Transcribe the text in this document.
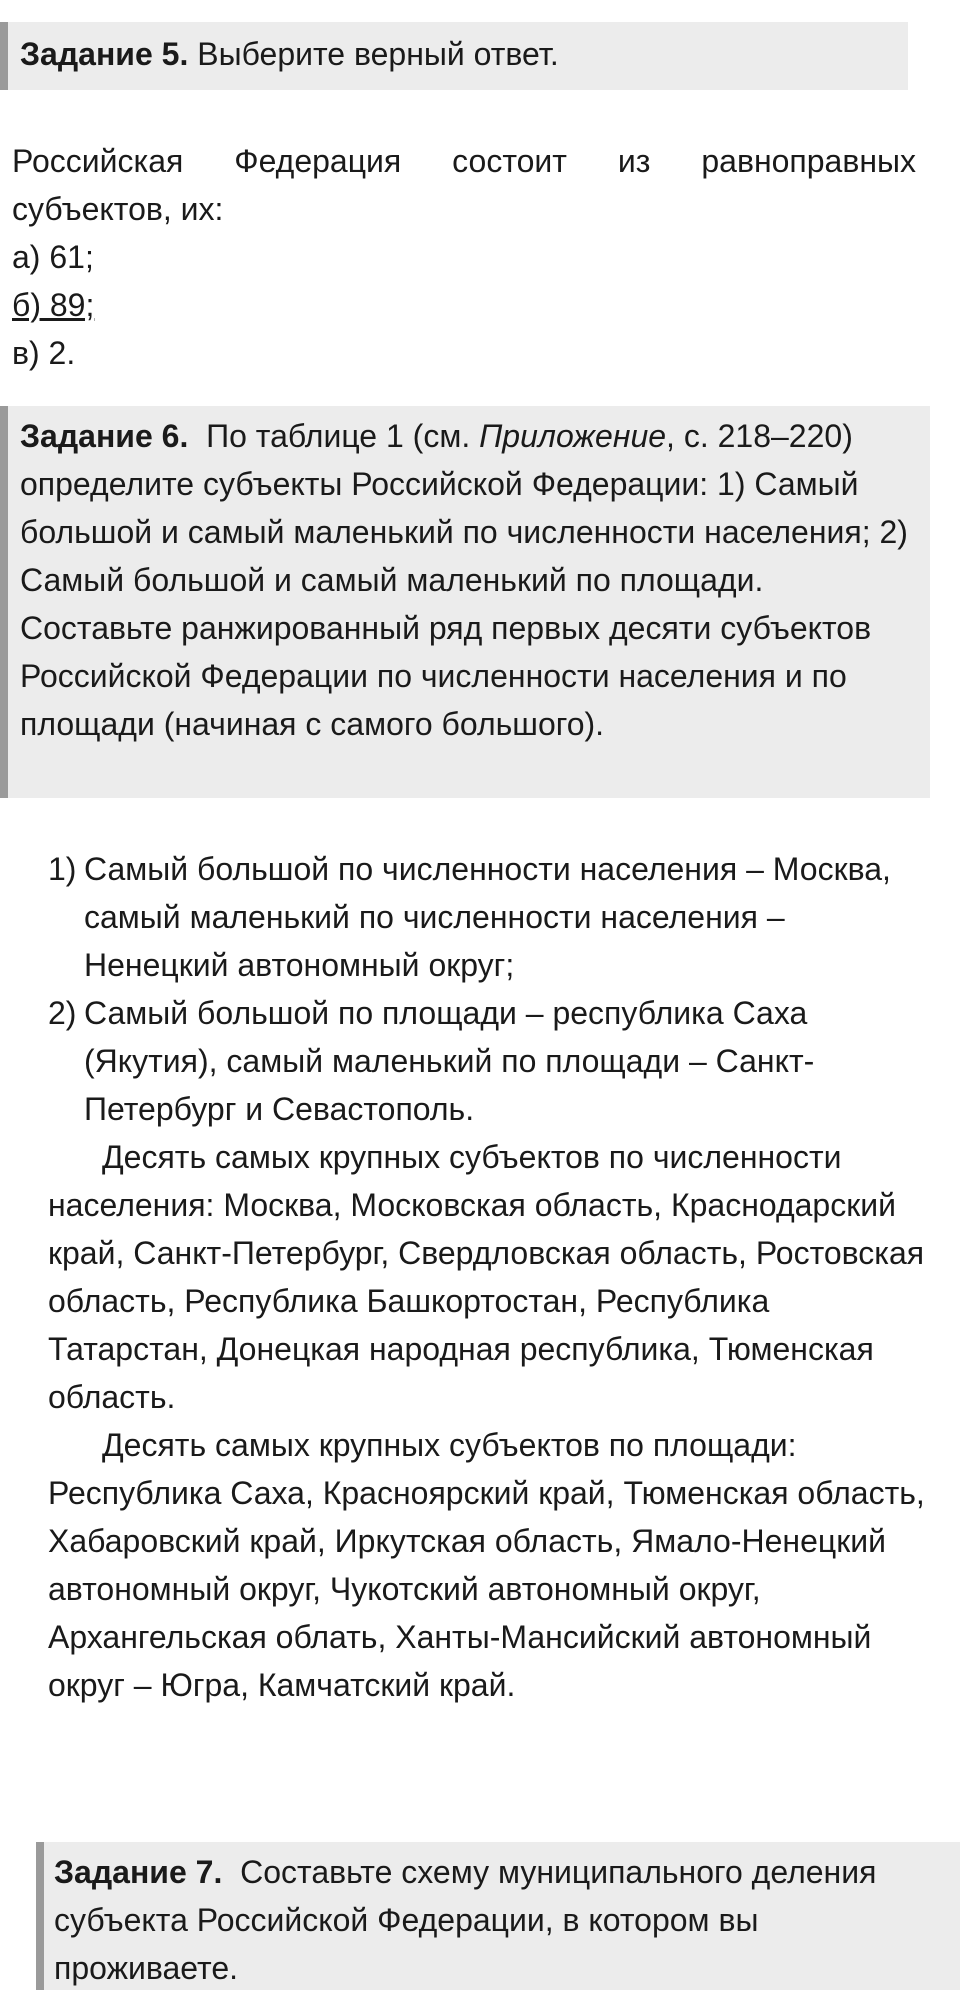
Задание 5. Выберите верный ответ.

Российская Федерация состоит из равноправных субъектов, их:

а) 61;

б) 89;

в) 2.

Задание 6. По таблице 1 (см. Приложение, с. 218–220) определите субъекты Российской Федерации: 1) Самый большой и самый маленький по численности населения; 2) Самый большой и самый маленький по площади. Составьте ранжированный ряд первых десяти субъектов Российской Федерации по численности населения и по площади (начиная с самого большого).
1) Самый большой по численности населения – Москва, самый маленький по численности населения – Ненецкий автономный округ;
2) Самый большой по площади – республика Саха (Якутия), самый маленький по площади – Санкт-Петербург и Севастополь.

Десять самых крупных субъектов по численности населения: Москва, Московская область, Краснодарский край, Санкт-Петербург, Свердловская область, Ростовская область, Республика Башкортостан, Республика Татарстан, Донецкая народная республика, Тюменская область.

Десять самых крупных субъектов по площади: Республика Саха, Красноярский край, Тюменская область, Хабаровский край, Иркутская область, Ямало-Ненецкий автономный округ, Чукотский автономный округ, Архангельская облать, Ханты-Мансийский автономный округ – Югра, Камчатский край.

Задание 7. Составьте схему муниципального деления субъекта Российской Федерации, в котором вы проживаете.
